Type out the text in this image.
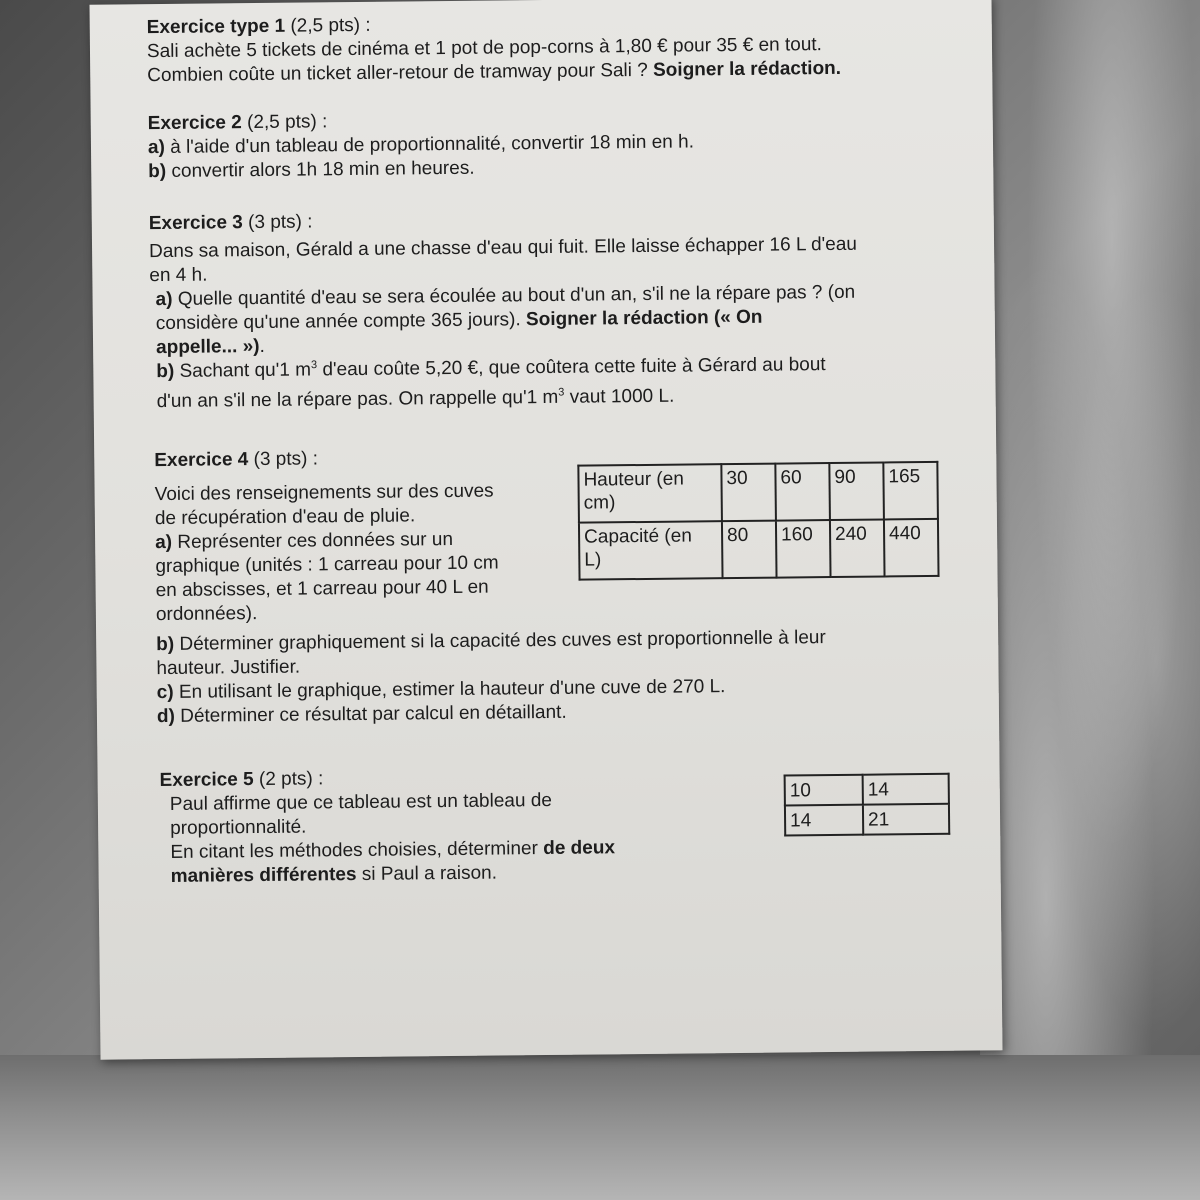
Exercice type 1 (2,5 pts) :

Sali achète 5 tickets de cinéma et 1 pot de pop-corns à 1,80 € pour 35 € en tout.

Combien coûte un ticket aller-retour de tramway pour Sali ? Soigner la rédaction.

Exercice 2 (2,5 pts) :

a) à l'aide d'un tableau de proportionnalité, convertir 18 min en h.

b) convertir alors 1h 18 min en heures.

Exercice 3 (3 pts) :

Dans sa maison, Gérald a une chasse d'eau qui fuit. Elle laisse échapper 16 L d'eau

en 4 h.

a) Quelle quantité d'eau se sera écoulée au bout d'un an, s'il ne la répare pas ? (on

considère qu'une année compte 365 jours). Soigner la rédaction (« On

appelle... »).

b) Sachant qu'1 $m^3$ d'eau coûte 5,20 €, que coûtera cette fuite à Gérard au bout

d'un an s'il ne la répare pas. On rappelle qu'1 $m^3$ vaut 1000 L.

Exercice 4 (3 pts) :

Voici des renseignements sur des cuves

de récupération d'eau de pluie.

a) Représenter ces données sur un

graphique (unités : 1 carreau pour 10 cm

en abscisses, et 1 carreau pour 40 L en

ordonnées).

b) Déterminer graphiquement si la capacité des cuves est proportionnelle à leur

hauteur. Justifier.

c) En utilisant le graphique, estimer la hauteur d'une cuve de 270 L.

d) Déterminer ce résultat par calcul en détaillant.

Hauteur (en
cm)	30	60	90	165
Capacité (en
L)	80	160	240	440

Exercice 5 (2 pts) :

Paul affirme que ce tableau est un tableau de

proportionnalité.

En citant les méthodes choisies, déterminer de deux

manières différentes si Paul a raison.

10	14
14	21
